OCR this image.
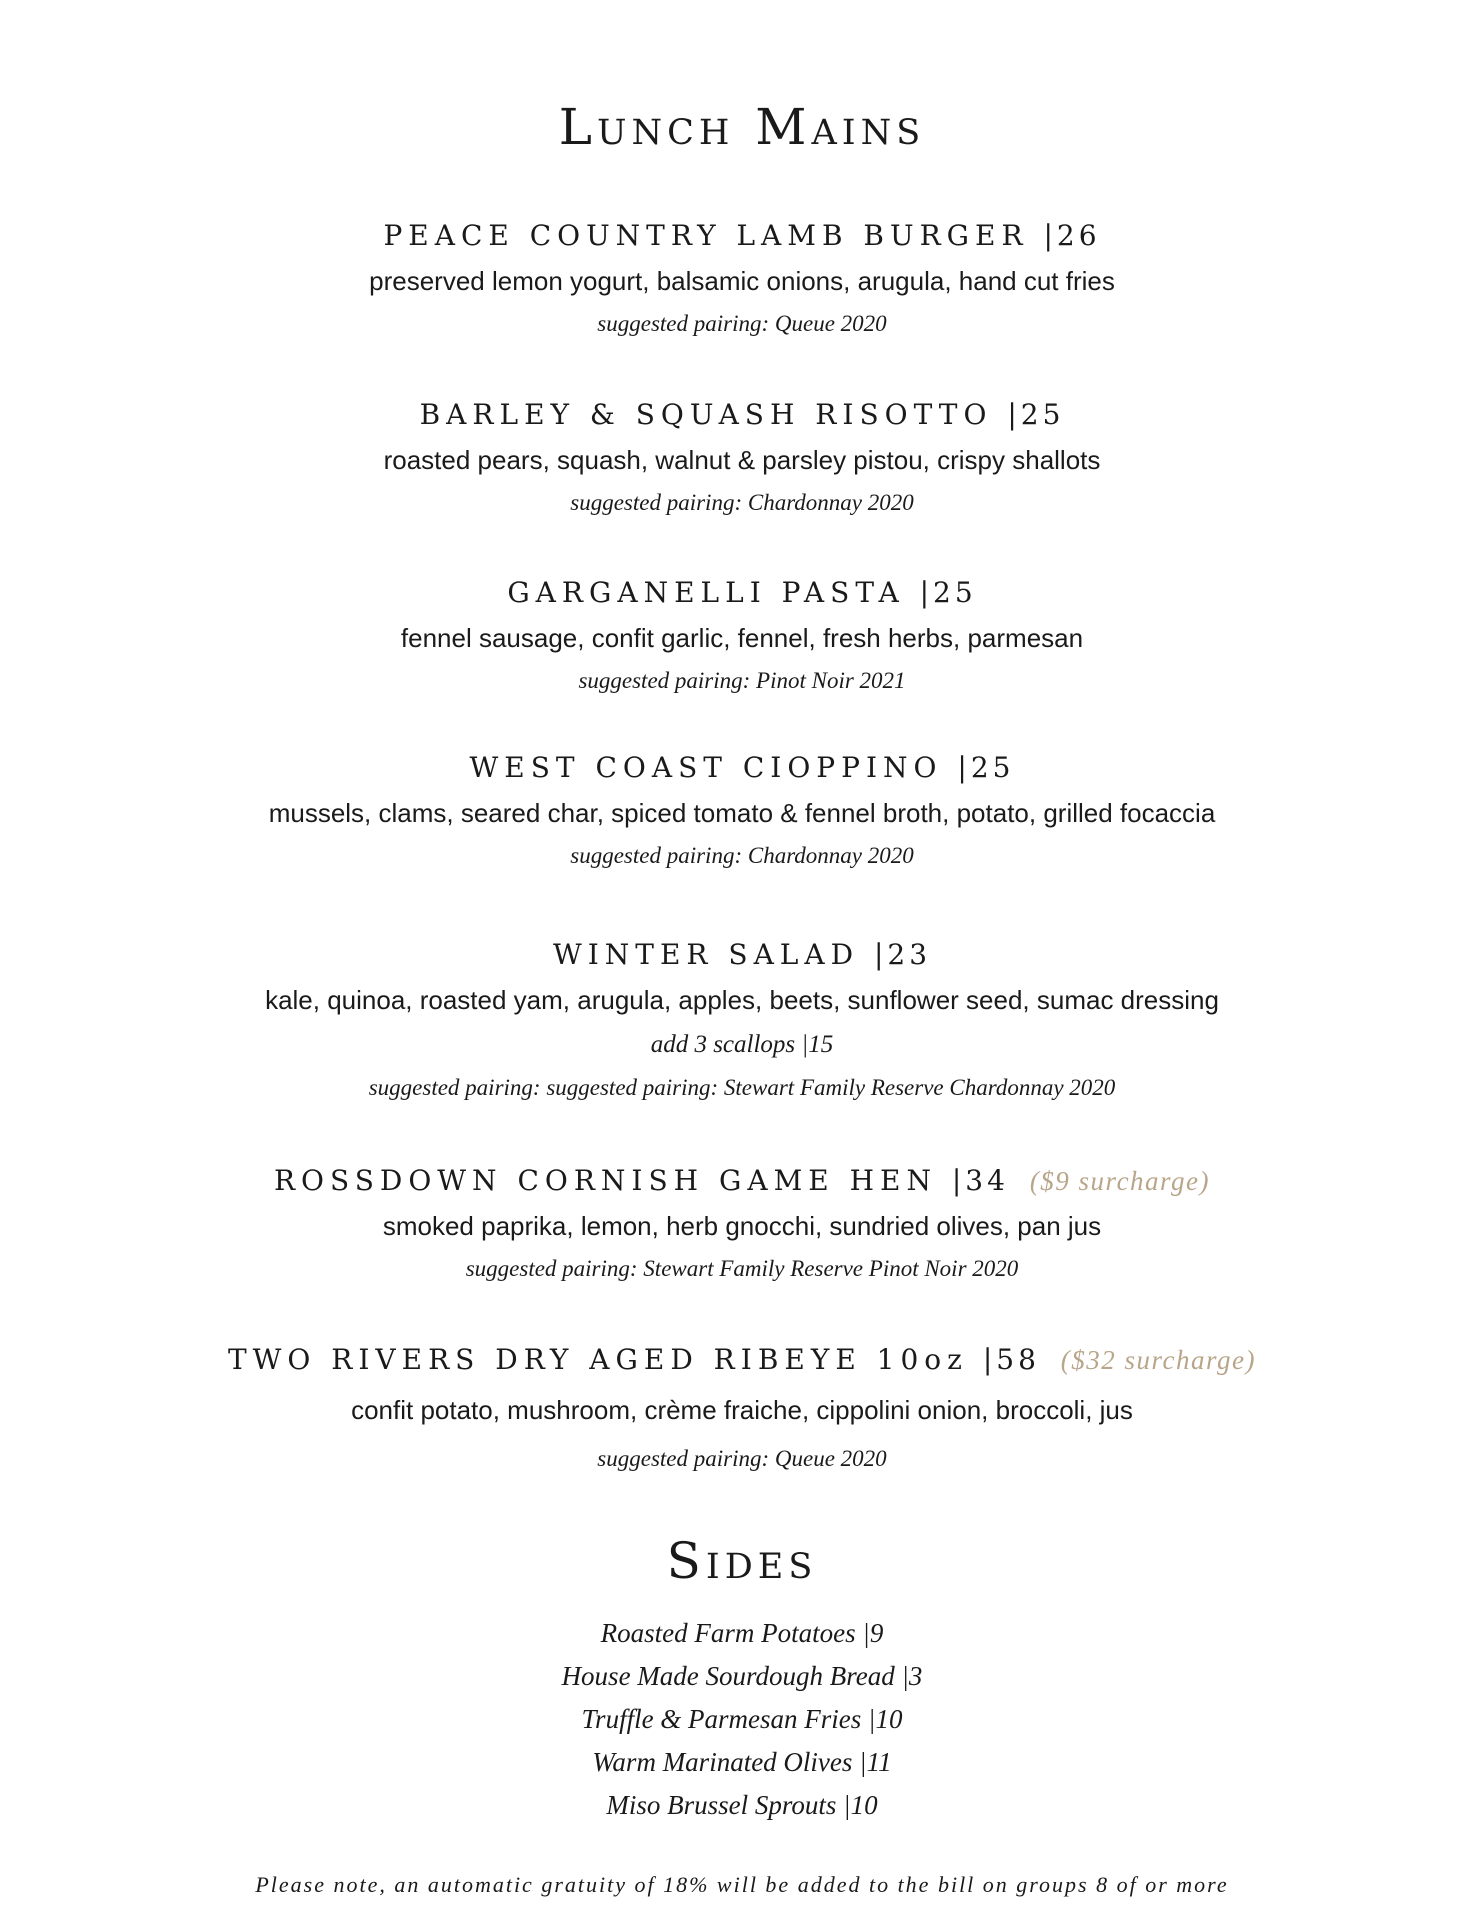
Lunch Mains
PEACE COUNTRY LAMB BURGER |26
preserved lemon yogurt, balsamic onions, arugula, hand cut fries
suggested pairing: Queue 2020
BARLEY & SQUASH RISOTTO |25
roasted pears, squash, walnut & parsley pistou, crispy shallots
suggested pairing: Chardonnay 2020
GARGANELLI PASTA |25
fennel sausage, confit garlic, fennel, fresh herbs, parmesan
suggested pairing: Pinot Noir 2021
WEST COAST CIOPPINO |25
mussels, clams, seared char, spiced tomato & fennel broth, potato, grilled focaccia
suggested pairing: Chardonnay 2020
WINTER SALAD |23
kale, quinoa, roasted yam, arugula, apples, beets, sunflower seed, sumac dressing
add 3 scallops |15
suggested pairing: suggested pairing: Stewart Family Reserve Chardonnay 2020
ROSSDOWN CORNISH GAME HEN |34 ($9 surcharge)
smoked paprika, lemon, herb gnocchi, sundried olives, pan jus
suggested pairing: Stewart Family Reserve Pinot Noir 2020
TWO RIVERS DRY AGED RIBEYE 10oz |58 ($32 surcharge)
confit potato, mushroom, crème fraiche, cippolini onion, broccoli, jus
suggested pairing: Queue 2020
Sides
Roasted Farm Potatoes |9
House Made Sourdough Bread |3
Truffle & Parmesan Fries |10
Warm Marinated Olives |11
Miso Brussel Sprouts |10
Please note, an automatic gratuity of 18% will be added to the bill on groups 8 of or more
